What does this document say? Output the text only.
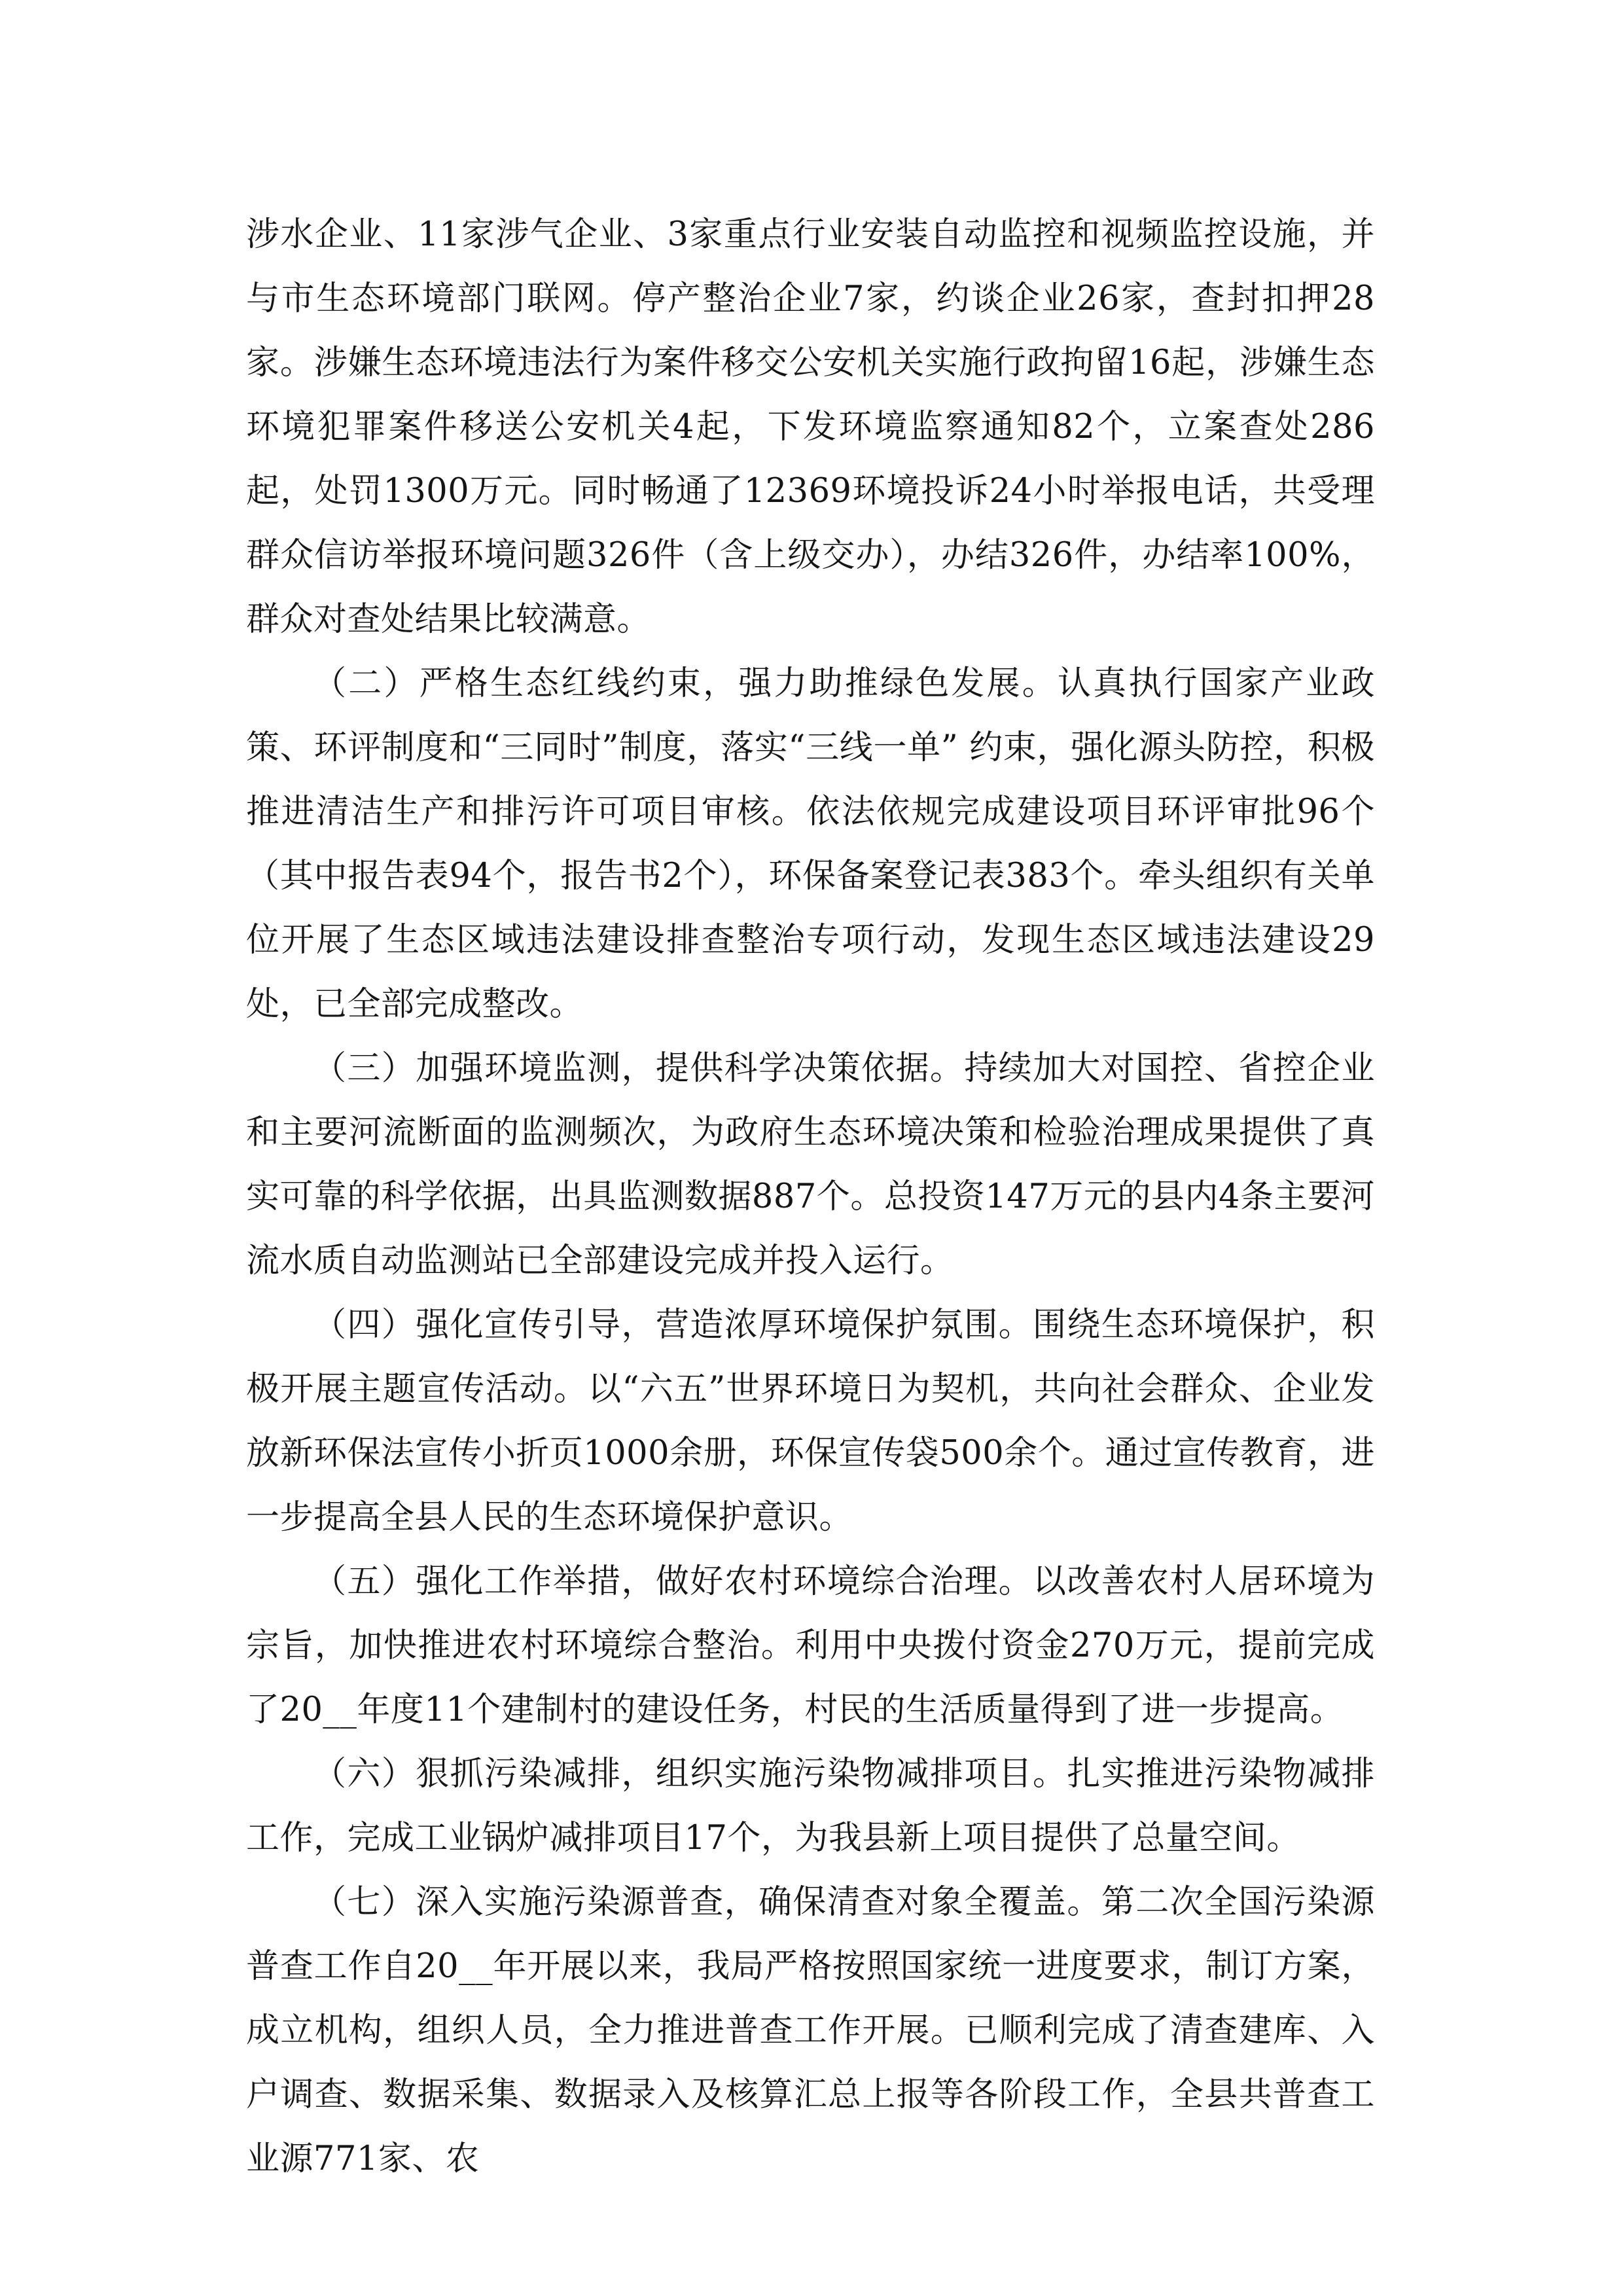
涉水企业、11家涉气企业、3家重点行业安装自动监控和视频监控设施，并与市生态环境部门联网。停产整治企业7家，约谈企业26家，查封扣押28家。涉嫌生态环境违法行为案件移交公安机关实施行政拘留16起，涉嫌生态环境犯罪案件移送公安机关4起，下发环境监察通知82个，立案查处286起，处罚1300万元。同时畅通了12369环境投诉24小时举报电话，共受理群众信访举报环境问题326件（含上级交办），办结326件，办结率100%，群众对查处结果比较满意。

（二）严格生态红线约束，强力助推绿色发展。认真执行国家产业政策、环评制度和“三同时”制度，落实“三线一单” 约束，强化源头防控，积极推进清洁生产和排污许可项目审核。依法依规完成建设项目环评审批96个（其中报告表94个，报告书2个），环保备案登记表383个。牵头组织有关单位开展了生态区域违法建设排查整治专项行动，发现生态区域违法建设29处，已全部完成整改。

（三）加强环境监测，提供科学决策依据。持续加大对国控、省控企业和主要河流断面的监测频次，为政府生态环境决策和检验治理成果提供了真实可靠的科学依据，出具监测数据887个。总投资147万元的县内4条主要河流水质自动监测站已全部建设完成并投入运行。

（四）强化宣传引导，营造浓厚环境保护氛围。围绕生态环境保护，积极开展主题宣传活动。以“六五”世界环境日为契机，共向社会群众、企业发放新环保法宣传小折页1000余册，环保宣传袋500余个。通过宣传教育，进一步提高全县人民的生态环境保护意识。

（五）强化工作举措，做好农村环境综合治理。以改善农村人居环境为宗旨，加快推进农村环境综合整治。利用中央拨付资金270万元，提前完成了20__年度11个建制村的建设任务，村民的生活质量得到了进一步提高。

（六）狠抓污染减排，组织实施污染物减排项目。扎实推进污染物减排工作，完成工业锅炉减排项目17个，为我县新上项目提供了总量空间。

（七）深入实施污染源普查，确保清查对象全覆盖。第二次全国污染源普查工作自20__年开展以来，我局严格按照国家统一进度要求，制订方案，成立机构，组织人员，全力推进普查工作开展。已顺利完成了清查建库、入户调查、数据采集、数据录入及核算汇总上报等各阶段工作，全县共普查工业源771家、农
